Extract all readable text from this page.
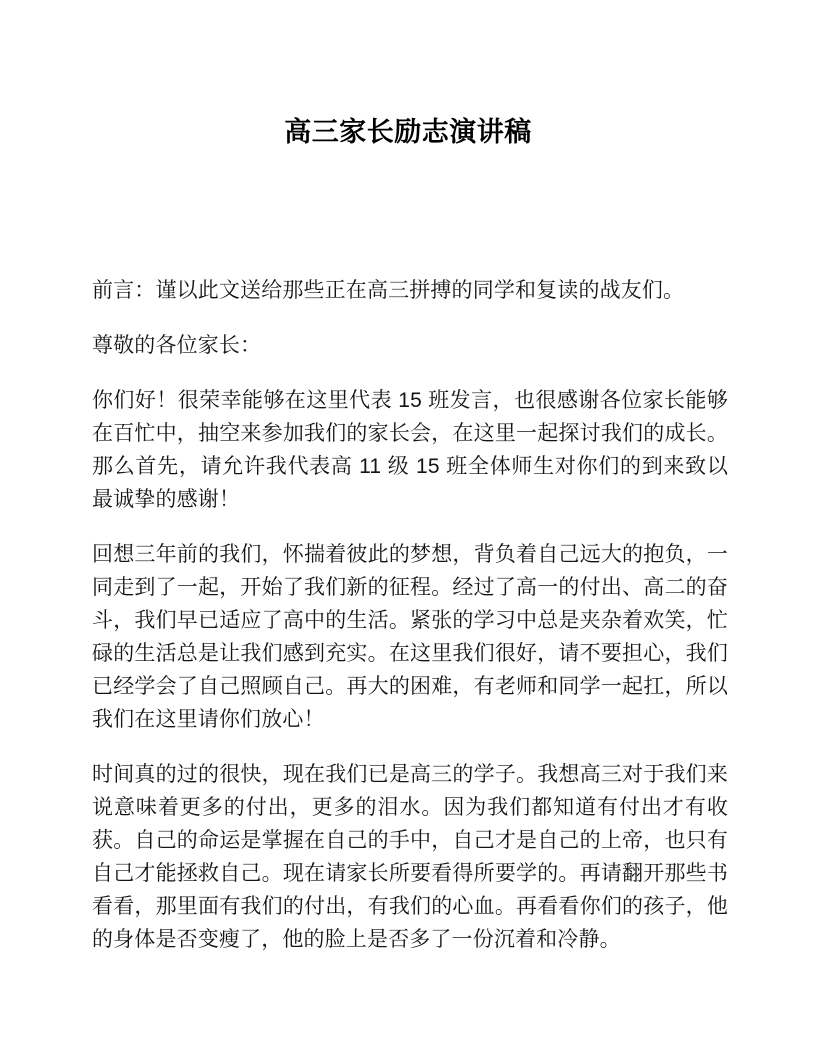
高三家长励志演讲稿

前言：谨以此文送给那些正在高三拼搏的同学和复读的战友们。

尊敬的各位家长：

你们好！很荣幸能够在这里代表 15 班发言，也很感谢各位家长能够在百忙中，抽空来参加我们的家长会，在这里一起探讨我们的成长。那么首先，请允许我代表高 11 级 15 班全体师生对你们的到来致以最诚挚的感谢！

回想三年前的我们，怀揣着彼此的梦想，背负着自己远大的抱负，一同走到了一起，开始了我们新的征程。经过了高一的付出、高二的奋斗，我们早已适应了高中的生活。紧张的学习中总是夹杂着欢笑，忙碌的生活总是让我们感到充实。在这里我们很好，请不要担心，我们已经学会了自己照顾自己。再大的困难，有老师和同学一起扛，所以我们在这里请你们放心！

时间真的过的很快，现在我们已是高三的学子。我想高三对于我们来说意味着更多的付出，更多的泪水。因为我们都知道有付出才有收获。自己的命运是掌握在自己的手中，自己才是自己的上帝，也只有自己才能拯救自己。现在请家长所要看得所要学的。再请翻开那些书看看，那里面有我们的付出，有我们的心血。再看看你们的孩子，他的身体是否变瘦了，他的脸上是否多了一份沉着和冷静。
